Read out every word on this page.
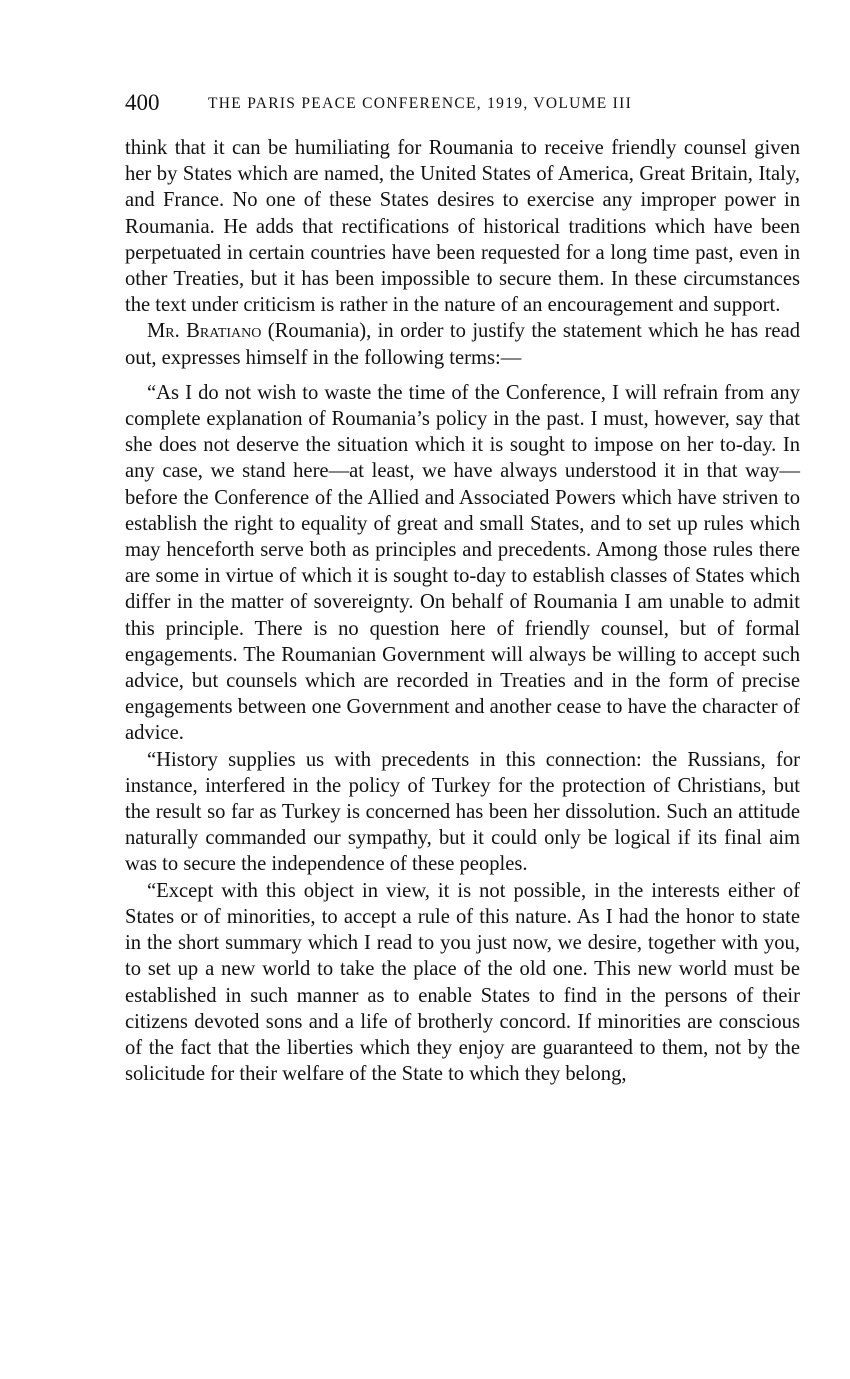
400	THE PARIS PEACE CONFERENCE, 1919, VOLUME III

think that it can be humiliating for Roumania to receive friendly counsel given her by States which are named, the United States of America, Great Britain, Italy, and France. No one of these States desires to exercise any improper power in Roumania. He adds that rectifications of historical traditions which have been perpetuated in certain countries have been requested for a long time past, even in other Treaties, but it has been impossible to secure them. In these circumstances the text under criticism is rather in the nature of an encouragement and support.

Mr. Bratiano (Roumania), in order to justify the statement which he has read out, expresses himself in the following terms:—

“As I do not wish to waste the time of the Conference, I will refrain from any complete explanation of Roumania’s policy in the past. I must, however, say that she does not deserve the situation which it is sought to impose on her to-day. In any case, we stand here—at least, we have always understood it in that way—before the Conference of the Allied and Associated Powers which have striven to establish the right to equality of great and small States, and to set up rules which may henceforth serve both as principles and precedents. Among those rules there are some in virtue of which it is sought to-day to establish classes of States which differ in the matter of sovereignty. On behalf of Roumania I am unable to admit this principle. There is no question here of friendly counsel, but of formal engagements. The Roumanian Government will always be willing to accept such advice, but counsels which are recorded in Treaties and in the form of precise engagements between one Government and another cease to have the character of advice.

“History supplies us with precedents in this connection: the Russians, for instance, interfered in the policy of Turkey for the protection of Christians, but the result so far as Turkey is concerned has been her dissolution. Such an attitude naturally commanded our sympathy, but it could only be logical if its final aim was to secure the independence of these peoples.

“Except with this object in view, it is not possible, in the interests either of States or of minorities, to accept a rule of this nature. As I had the honor to state in the short summary which I read to you just now, we desire, together with you, to set up a new world to take the place of the old one. This new world must be established in such manner as to enable States to find in the persons of their citizens devoted sons and a life of brotherly concord. If minorities are conscious of the fact that the liberties which they enjoy are guaranteed to them, not by the solicitude for their welfare of the State to which they belong,
